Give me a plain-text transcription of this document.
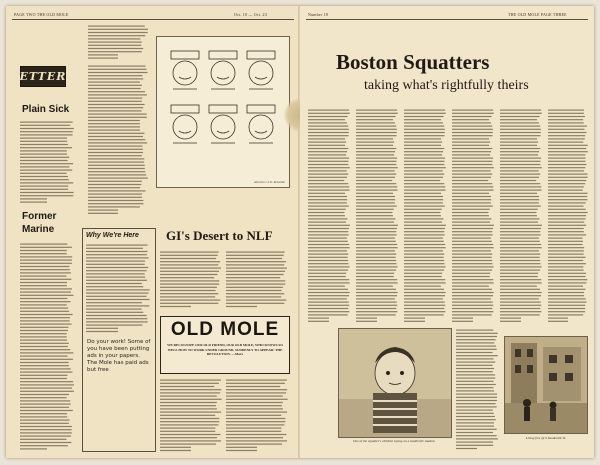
PAGE TWO THE OLD MOLE	Oct. 10 — Oct. 23
LETTERS
Plain Sick
Former Marine
Attention C.I.D. Remedial
Why We're Here
Do your work! Some of you have been putting ads in your papers. The Mole has paid ads but free
GI's Desert to NLF
OLD MOLE
WE RECOGNIZE OUR OLD FRIEND, OUR OLD MOLE, WHO KNOWS SO WELL HOW TO WORK UNDER GROUND, SUDDENLY TO APPEAR: THE REVOLUTION. —Marx
Number 18	THE OLD MOLE PAGE THREE
Boston Squatters
taking what's rightfully theirs
One of the squatter's children laying on a landlord's shadow
Living free @ 9 Vaudeville St.
